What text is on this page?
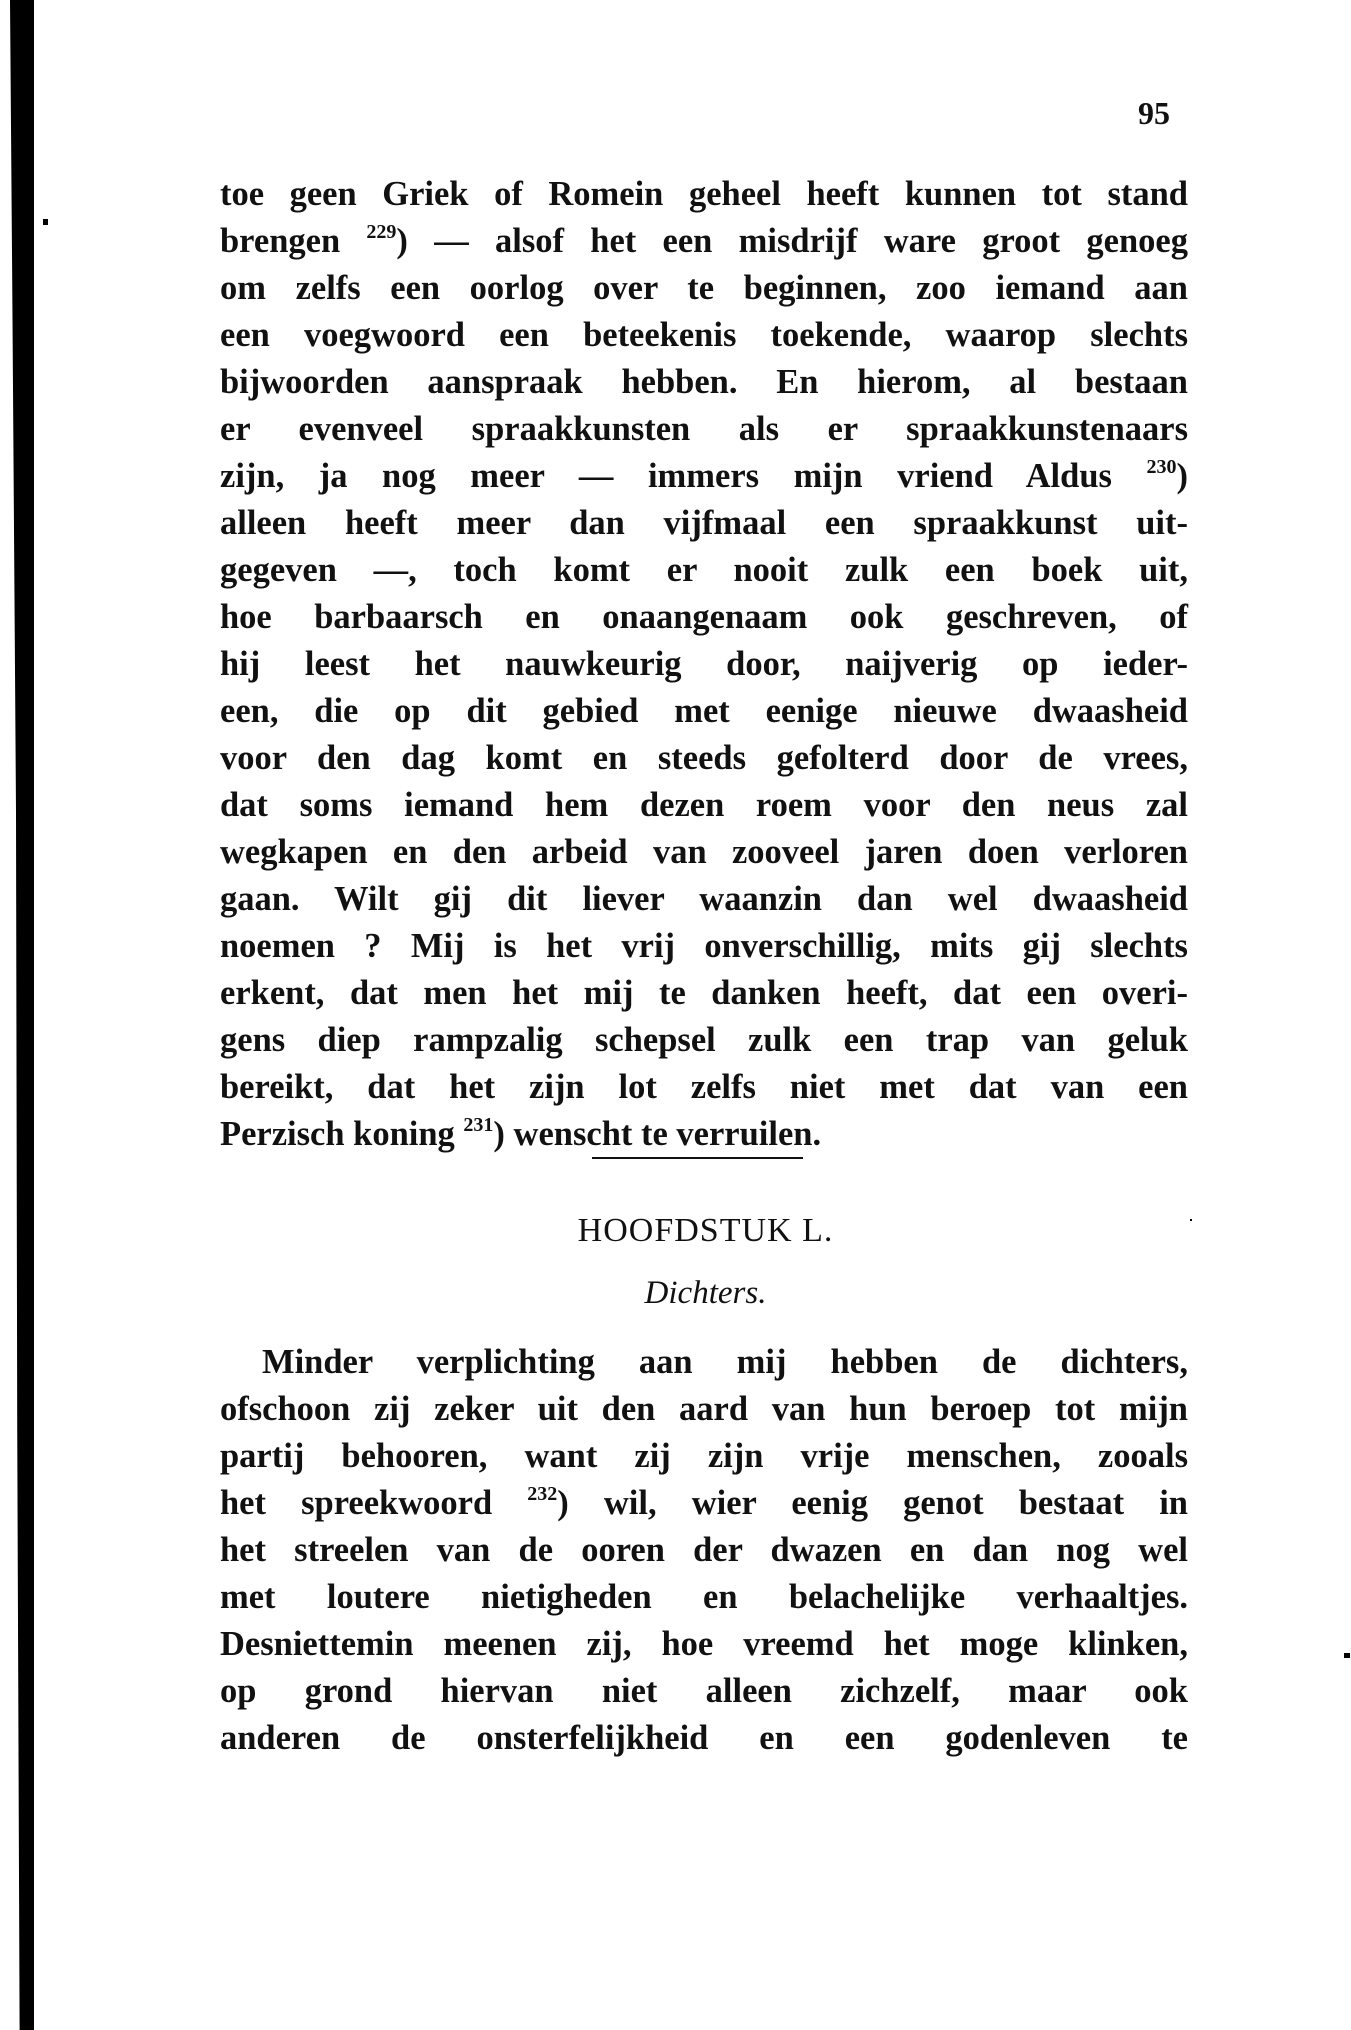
95
toe geen Griek of Romein geheel heeft kunnen tot stand
brengen $^{229}$) — alsof het een misdrijf ware groot genoeg
om zelfs een oorlog over te beginnen, zoo iemand aan
een voegwoord een beteekenis toekende, waarop slechts
bijwoorden aanspraak hebben. En hierom, al bestaan
er evenveel spraakkunsten als er spraakkunstenaars
zijn, ja nog meer — immers mijn vriend Aldus $^{230}$)
alleen heeft meer dan vijfmaal een spraakkunst uit-
gegeven —, toch komt er nooit zulk een boek uit,
hoe barbaarsch en onaangenaam ook geschreven, of
hij leest het nauwkeurig door, naijverig op ieder-
een, die op dit gebied met eenige nieuwe dwaasheid
voor den dag komt en steeds gefolterd door de vrees,
dat soms iemand hem dezen roem voor den neus zal
wegkapen en den arbeid van zooveel jaren doen verloren
gaan. Wilt gij dit liever waanzin dan wel dwaasheid
noemen ? Mij is het vrij onverschillig, mits gij slechts
erkent, dat men het mij te danken heeft, dat een overi-
gens diep rampzalig schepsel zulk een trap van geluk
bereikt, dat het zijn lot zelfs niet met dat van een
Perzisch koning $^{231}$) wenscht te verruilen.
HOOFDSTUK L.
Dichters.
Minder verplichting aan mij hebben de dichters,
ofschoon zij zeker uit den aard van hun beroep tot mijn
partij behooren, want zij zijn vrije menschen, zooals
het spreekwoord $^{232}$) wil, wier eenig genot bestaat in
het streelen van de ooren der dwazen en dan nog wel
met loutere nietigheden en belachelijke verhaaltjes.
Desniettemin meenen zij, hoe vreemd het moge klinken,
op grond hiervan niet alleen zichzelf, maar ook
anderen de onsterfelijkheid en een godenleven te
